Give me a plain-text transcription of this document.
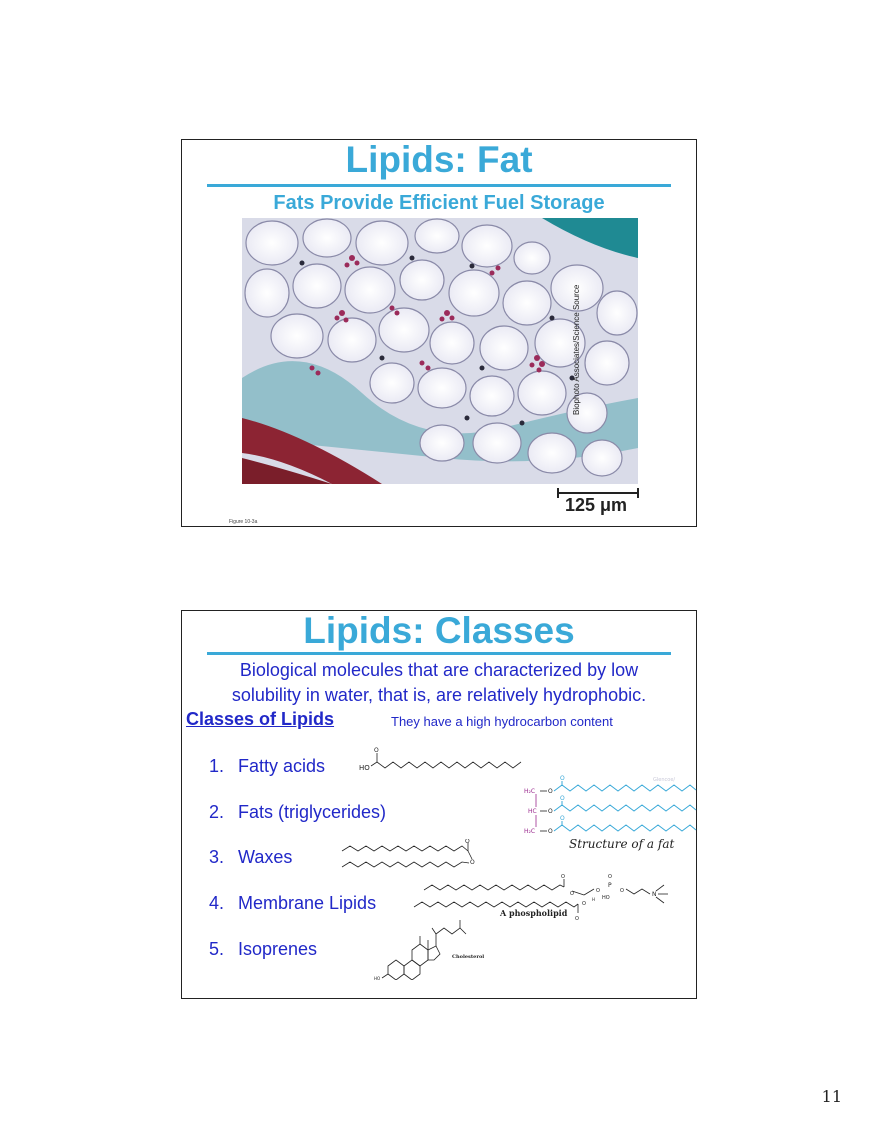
Lipids: Fat
Fats Provide Efficient Fuel Storage
Biophoto Associates/Science Source
125 μm
Figure 10-3a
Lipids: Classes
Biological molecules that are characterized by low
solubility in water, that is, are relatively hydrophobic.
Classes of Lipids	They have a high hydrocarbon content
1. Fatty acids
2. Fats (triglycerides)
3. Waxes
4. Membrane Lipids
5. Isoprenes
HO
O
Glencoe/
H₂C
HC
H₂C
O
O
O
O
O
O
Structure of a fat
O
O
O
O	O
P
O
HO
O	N
O
O
H
A phospholipid
HO
Cholesterol
11
